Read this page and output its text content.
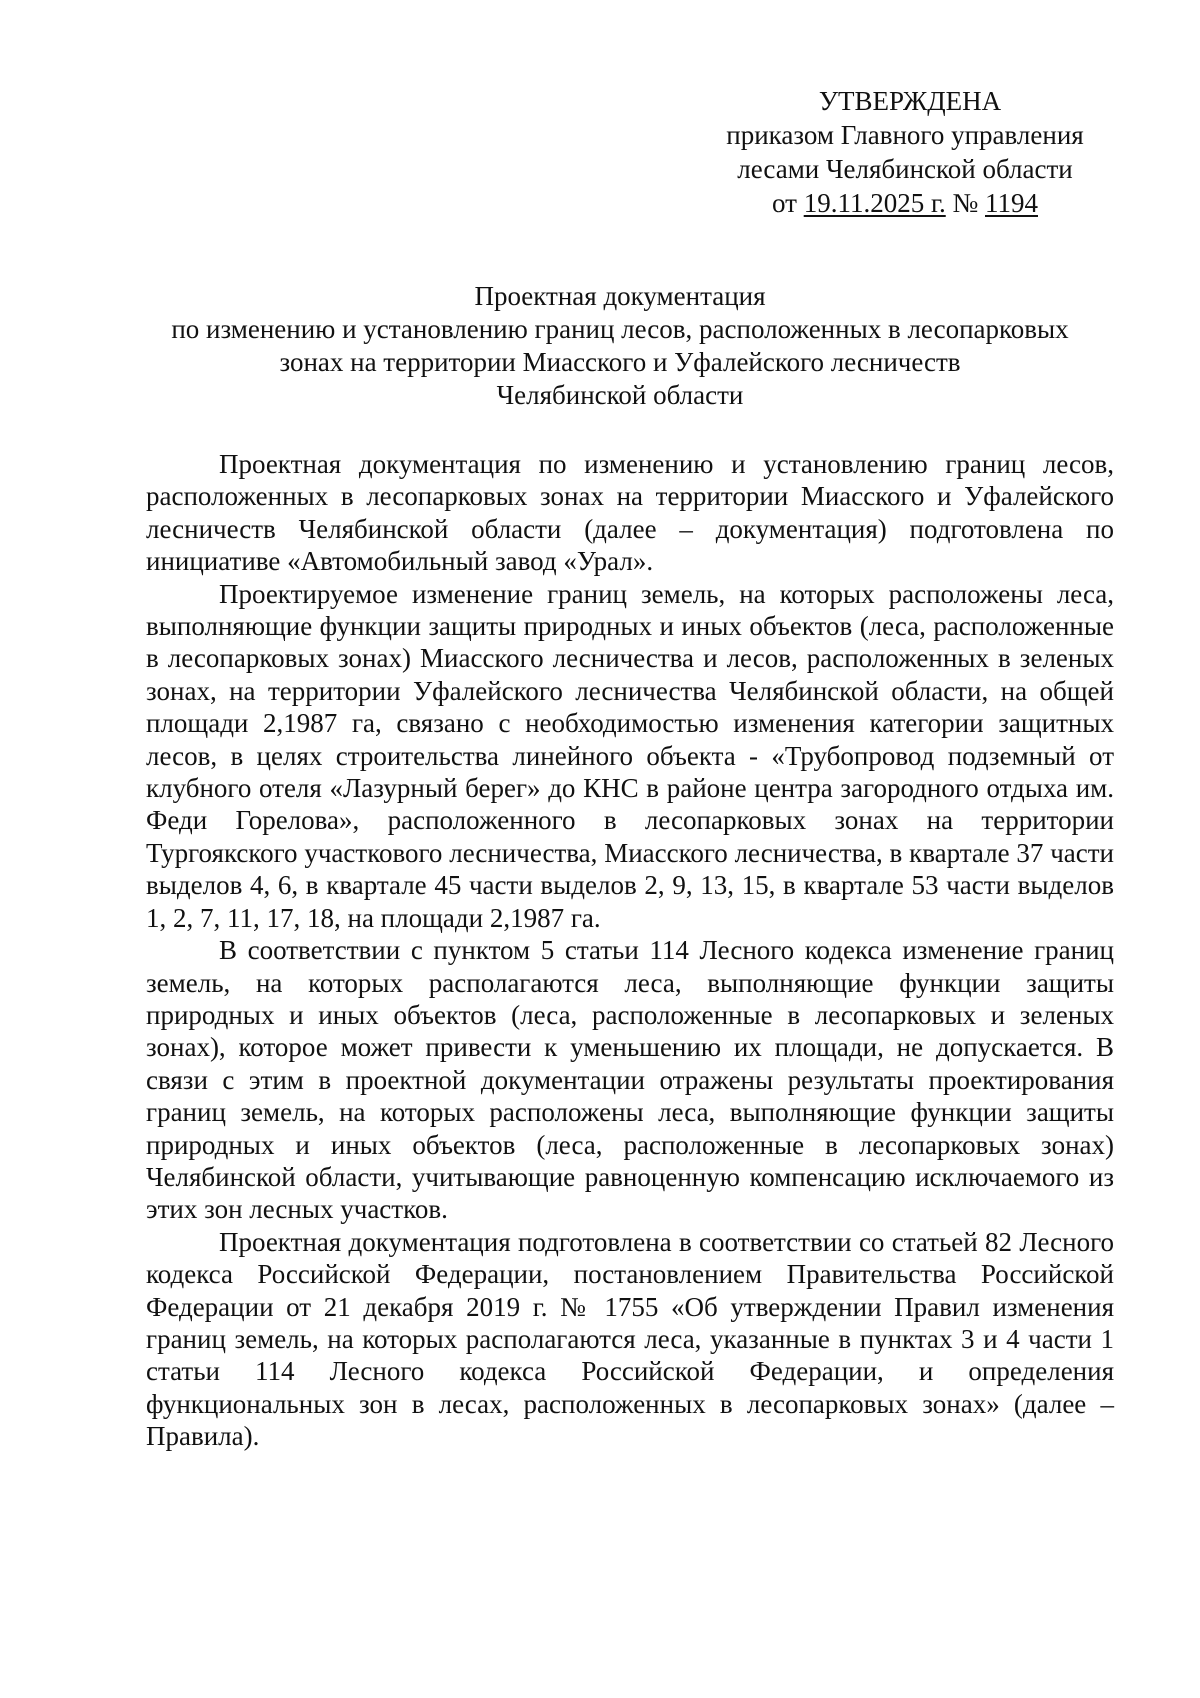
УТВЕРЖДЕНА
приказом Главного управления
лесами Челябинской области
от 19.11.2025 г. № 1194
Проектная документация
по изменению и установлению границ лесов, расположенных в лесопарковых
зонах на территории Миасского и Уфалейского лесничеств
Челябинской области

Проектная документация по изменению и установлению границ лесов, расположенных в лесопарковых зонах на территории Миасского и Уфалейского лесничеств Челябинской области (далее – документация) подготовлена по инициативе «Автомобильный завод «Урал».

Проектируемое изменение границ земель, на которых расположены леса, выполняющие функции защиты природных и иных объектов (леса, расположенные в лесопарковых зонах) Миасского лесничества и лесов, расположенных в зеленых зонах, на территории Уфалейского лесничества Челябинской области, на общей площади 2,1987 га, связано с необходимостью изменения категории защитных лесов, в целях строительства линейного объекта - «Трубопровод подземный от клубного отеля «Лазурный берег» до КНС в районе центра загородного отдыха им. Феди Горелова», расположенного в лесопарковых зонах на территории Тургоякского участкового лесничества, Миасского лесничества, в квартале 37 части выделов 4, 6, в квартале 45 части выделов 2, 9, 13, 15, в квартале 53 части выделов 1, 2, 7, 11, 17, 18, на площади 2,1987 га.

В соответствии с пунктом 5 статьи 114 Лесного кодекса изменение границ земель, на которых располагаются леса, выполняющие функции защиты природных и иных объектов (леса, расположенные в лесопарковых и зеленых зонах), которое может привести к уменьшению их площади, не допускается. В связи с этим в проектной документации отражены результаты проектирования границ земель, на которых расположены леса, выполняющие функции защиты природных и иных объектов (леса, расположенные в лесопарковых зонах) Челябинской области, учитывающие равноценную компенсацию исключаемого из этих зон лесных участков.

Проектная документация подготовлена в соответствии со статьей 82 Лесного кодекса Российской Федерации, постановлением Правительства Российской Федерации от 21 декабря 2019 г. № 1755 «Об утверждении Правил изменения границ земель, на которых располагаются леса, указанные в пунктах 3 и 4 части 1 статьи 114 Лесного кодекса Российской Федерации, и определения функциональных зон в лесах, расположенных в лесопарковых зонах» (далее – Правила).
